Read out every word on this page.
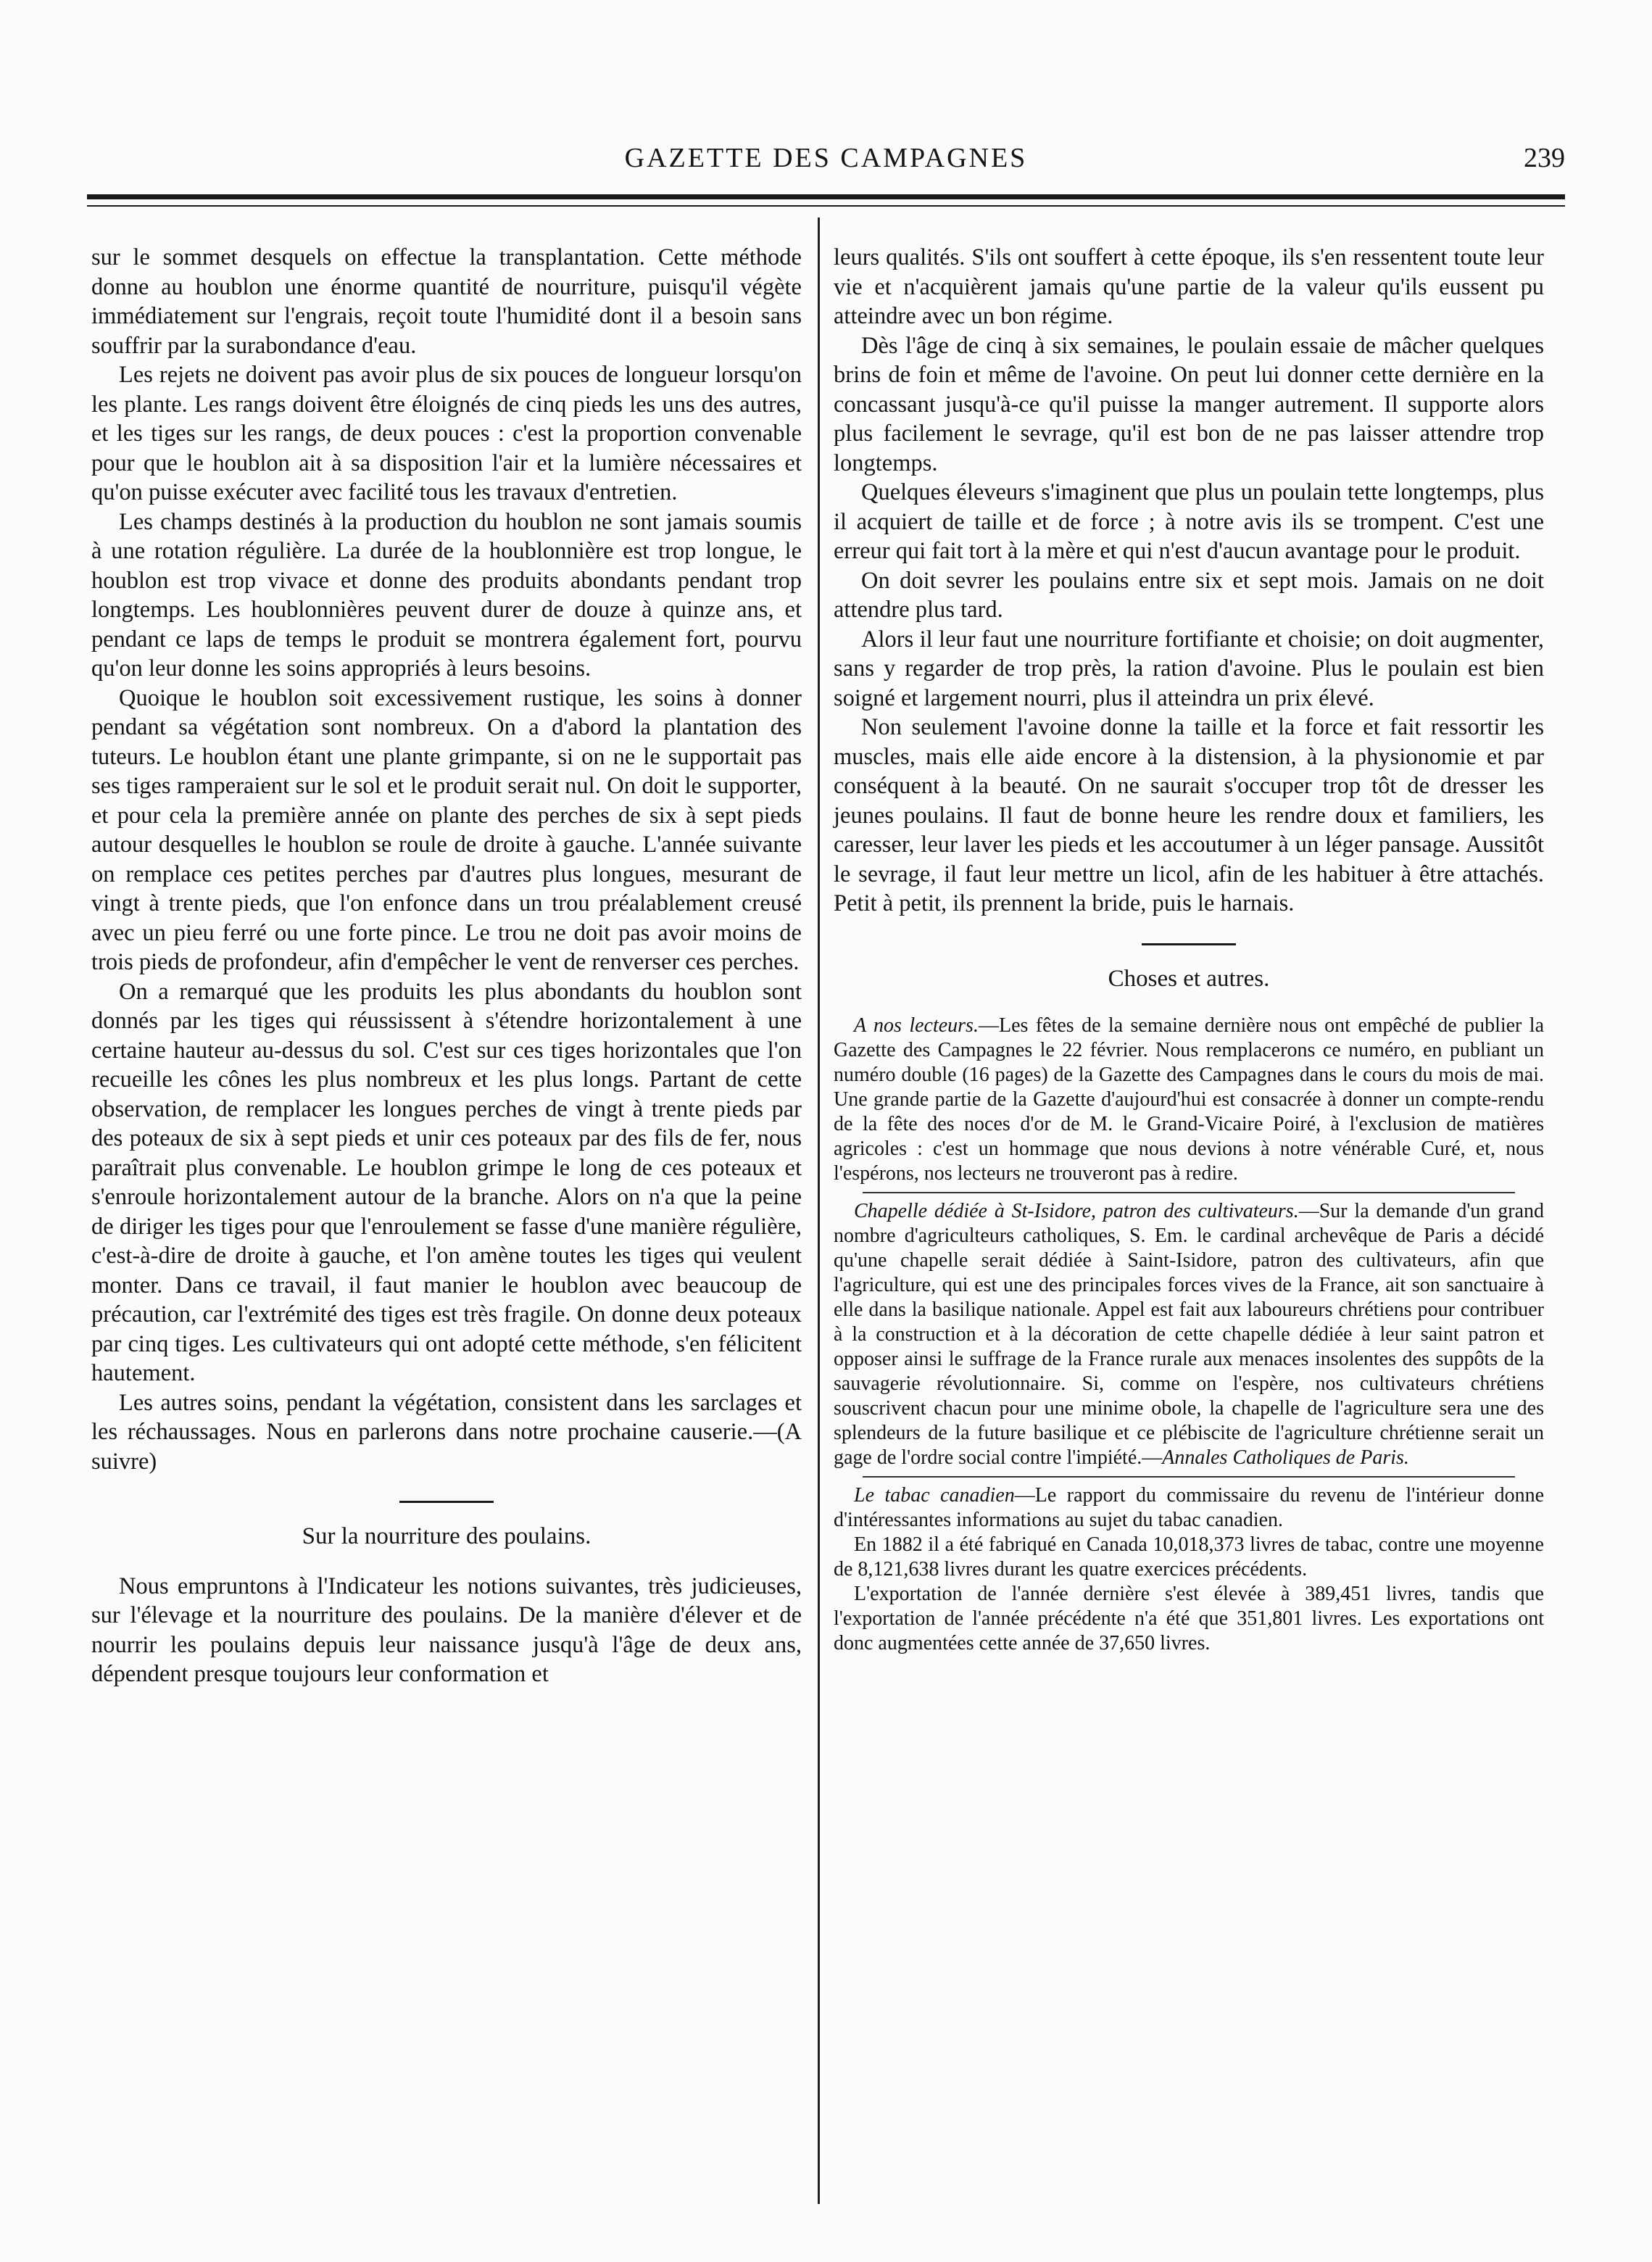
GAZETTE DES CAMPAGNES	239

sur le sommet desquels on effectue la transplantation. Cette méthode donne au houblon une énorme quantité de nourriture, puisqu'il végète immédiatement sur l'engrais, reçoit toute l'humidité dont il a besoin sans souffrir par la surabondance d'eau.

Les rejets ne doivent pas avoir plus de six pouces de longueur lorsqu'on les plante. Les rangs doivent être éloignés de cinq pieds les uns des autres, et les tiges sur les rangs, de deux pouces : c'est la proportion convenable pour que le houblon ait à sa disposition l'air et la lumière nécessaires et qu'on puisse exécuter avec facilité tous les travaux d'entretien.

Les champs destinés à la production du houblon ne sont jamais soumis à une rotation régulière. La durée de la houblonnière est trop longue, le houblon est trop vivace et donne des produits abondants pendant trop longtemps. Les houblonnières peuvent durer de douze à quinze ans, et pendant ce laps de temps le produit se montrera également fort, pourvu qu'on leur donne les soins appropriés à leurs besoins.

Quoique le houblon soit excessivement rustique, les soins à donner pendant sa végétation sont nombreux. On a d'abord la plantation des tuteurs. Le houblon étant une plante grimpante, si on ne le supportait pas ses tiges ramperaient sur le sol et le produit serait nul. On doit le supporter, et pour cela la première année on plante des perches de six à sept pieds autour desquelles le houblon se roule de droite à gauche. L'année suivante on remplace ces petites perches par d'autres plus longues, mesurant de vingt à trente pieds, que l'on enfonce dans un trou préalablement creusé avec un pieu ferré ou une forte pince. Le trou ne doit pas avoir moins de trois pieds de profondeur, afin d'empêcher le vent de renverser ces perches.

On a remarqué que les produits les plus abondants du houblon sont donnés par les tiges qui réussissent à s'étendre horizontalement à une certaine hauteur au-dessus du sol. C'est sur ces tiges horizontales que l'on recueille les cônes les plus nombreux et les plus longs. Partant de cette observation, de remplacer les longues perches de vingt à trente pieds par des poteaux de six à sept pieds et unir ces poteaux par des fils de fer, nous paraîtrait plus convenable. Le houblon grimpe le long de ces poteaux et s'enroule horizontalement autour de la branche. Alors on n'a que la peine de diriger les tiges pour que l'enroulement se fasse d'une manière régulière, c'est-à-dire de droite à gauche, et l'on amène toutes les tiges qui veulent monter. Dans ce travail, il faut manier le houblon avec beaucoup de précaution, car l'extrémité des tiges est très fragile. On donne deux poteaux par cinq tiges. Les cultivateurs qui ont adopté cette méthode, s'en félicitent hautement.

Les autres soins, pendant la végétation, consistent dans les sarclages et les réchaussages. Nous en parlerons dans notre prochaine causerie.—(A suivre)

Sur la nourriture des poulains.

Nous empruntons à l'Indicateur les notions suivantes, très judicieuses, sur l'élevage et la nourriture des poulains. De la manière d'élever et de nourrir les poulains depuis leur naissance jusqu'à l'âge de deux ans, dépendent presque toujours leur conformation et

leurs qualités. S'ils ont souffert à cette époque, ils s'en ressentent toute leur vie et n'acquièrent jamais qu'une partie de la valeur qu'ils eussent pu atteindre avec un bon régime.

Dès l'âge de cinq à six semaines, le poulain essaie de mâcher quelques brins de foin et même de l'avoine. On peut lui donner cette dernière en la concassant jusqu'à-ce qu'il puisse la manger autrement. Il supporte alors plus facilement le sevrage, qu'il est bon de ne pas laisser attendre trop longtemps.

Quelques éleveurs s'imaginent que plus un poulain tette longtemps, plus il acquiert de taille et de force ; à notre avis ils se trompent. C'est une erreur qui fait tort à la mère et qui n'est d'aucun avantage pour le produit.

On doit sevrer les poulains entre six et sept mois. Jamais on ne doit attendre plus tard.

Alors il leur faut une nourriture fortifiante et choisie; on doit augmenter, sans y regarder de trop près, la ration d'avoine. Plus le poulain est bien soigné et largement nourri, plus il atteindra un prix élevé.

Non seulement l'avoine donne la taille et la force et fait ressortir les muscles, mais elle aide encore à la distension, à la physionomie et par conséquent à la beauté. On ne saurait s'occuper trop tôt de dresser les jeunes poulains. Il faut de bonne heure les rendre doux et familiers, les caresser, leur laver les pieds et les accoutumer à un léger pansage. Aussitôt le sevrage, il faut leur mettre un licol, afin de les habituer à être attachés. Petit à petit, ils prennent la bride, puis le harnais.

Choses et autres.

A nos lecteurs.—Les fêtes de la semaine dernière nous ont empêché de publier la Gazette des Campagnes le 22 février. Nous remplacerons ce numéro, en publiant un numéro double (16 pages) de la Gazette des Campagnes dans le cours du mois de mai. Une grande partie de la Gazette d'aujourd'hui est consacrée à donner un compte-rendu de la fête des noces d'or de M. le Grand-Vicaire Poiré, à l'exclusion de matières agricoles : c'est un hommage que nous devions à notre vénérable Curé, et, nous l'espérons, nos lecteurs ne trouveront pas à redire.

Chapelle dédiée à St-Isidore, patron des cultivateurs.—Sur la demande d'un grand nombre d'agriculteurs catholiques, S. Em. le cardinal archevêque de Paris a décidé qu'une chapelle serait dédiée à Saint-Isidore, patron des cultivateurs, afin que l'agriculture, qui est une des principales forces vives de la France, ait son sanctuaire à elle dans la basilique nationale. Appel est fait aux laboureurs chrétiens pour contribuer à la construction et à la décoration de cette chapelle dédiée à leur saint patron et opposer ainsi le suffrage de la France rurale aux menaces insolentes des suppôts de la sauvagerie révolutionnaire. Si, comme on l'espère, nos cultivateurs chrétiens souscrivent chacun pour une minime obole, la chapelle de l'agriculture sera une des splendeurs de la future basilique et ce plébiscite de l'agriculture chrétienne serait un gage de l'ordre social contre l'impiété.—Annales Catholiques de Paris.

Le tabac canadien—Le rapport du commissaire du revenu de l'intérieur donne d'intéressantes informations au sujet du tabac canadien.

En 1882 il a été fabriqué en Canada 10,018,373 livres de tabac, contre une moyenne de 8,121,638 livres durant les quatre exercices précédents.

L'exportation de l'année dernière s'est élevée à 389,451 livres, tandis que l'exportation de l'année précédente n'a été que 351,801 livres. Les exportations ont donc augmentées cette année de 37,650 livres.
